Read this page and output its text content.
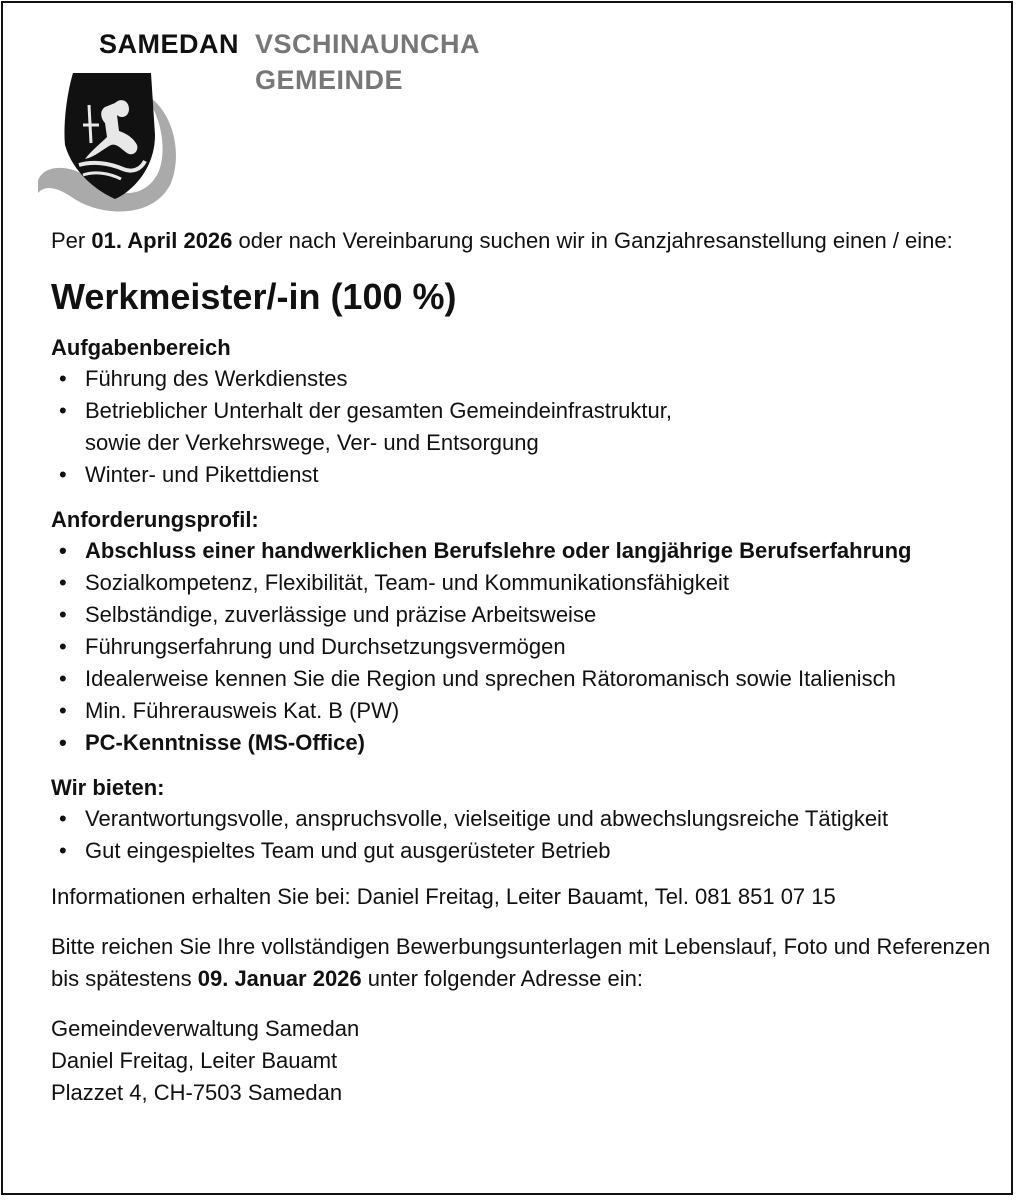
SAMEDAN VSCHINAUNCHA
GEMEINDE

Per 01. April 2026 oder nach Vereinbarung suchen wir in Ganzjahresanstellung einen / eine:

Werkmeister/-in (100 %)
Aufgabenbereich
• Führung des Werkdienstes
• Betrieblicher Unterhalt der gesamten Gemeindeinfrastruktur,
sowie der Verkehrswege, Ver- und Entsorgung
• Winter- und Pikettdienst
Anforderungsprofil:
• Abschluss einer handwerklichen Berufslehre oder langjährige Berufserfahrung
• Sozialkompetenz, Flexibilität, Team- und Kommunikationsfähigkeit
• Selbständige, zuverlässige und präzise Arbeitsweise
• Führungserfahrung und Durchsetzungsvermögen
• Idealerweise kennen Sie die Region und sprechen Rätoromanisch sowie Italienisch
• Min. Führerausweis Kat. B (PW)
• PC-Kenntnisse (MS-Office)
Wir bieten:
• Verantwortungsvolle, anspruchsvolle, vielseitige und abwechslungsreiche Tätigkeit
• Gut eingespieltes Team und gut ausgerüsteter Betrieb

Informationen erhalten Sie bei: Daniel Freitag, Leiter Bauamt, Tel. 081 851 07 15

Bitte reichen Sie Ihre vollständigen Bewerbungsunterlagen mit Lebenslauf, Foto und Referenzen bis spätestens 09. Januar 2026 unter folgender Adresse ein:

Gemeindeverwaltung Samedan

Daniel Freitag, Leiter Bauamt

Plazzet 4, CH-7503 Samedan
